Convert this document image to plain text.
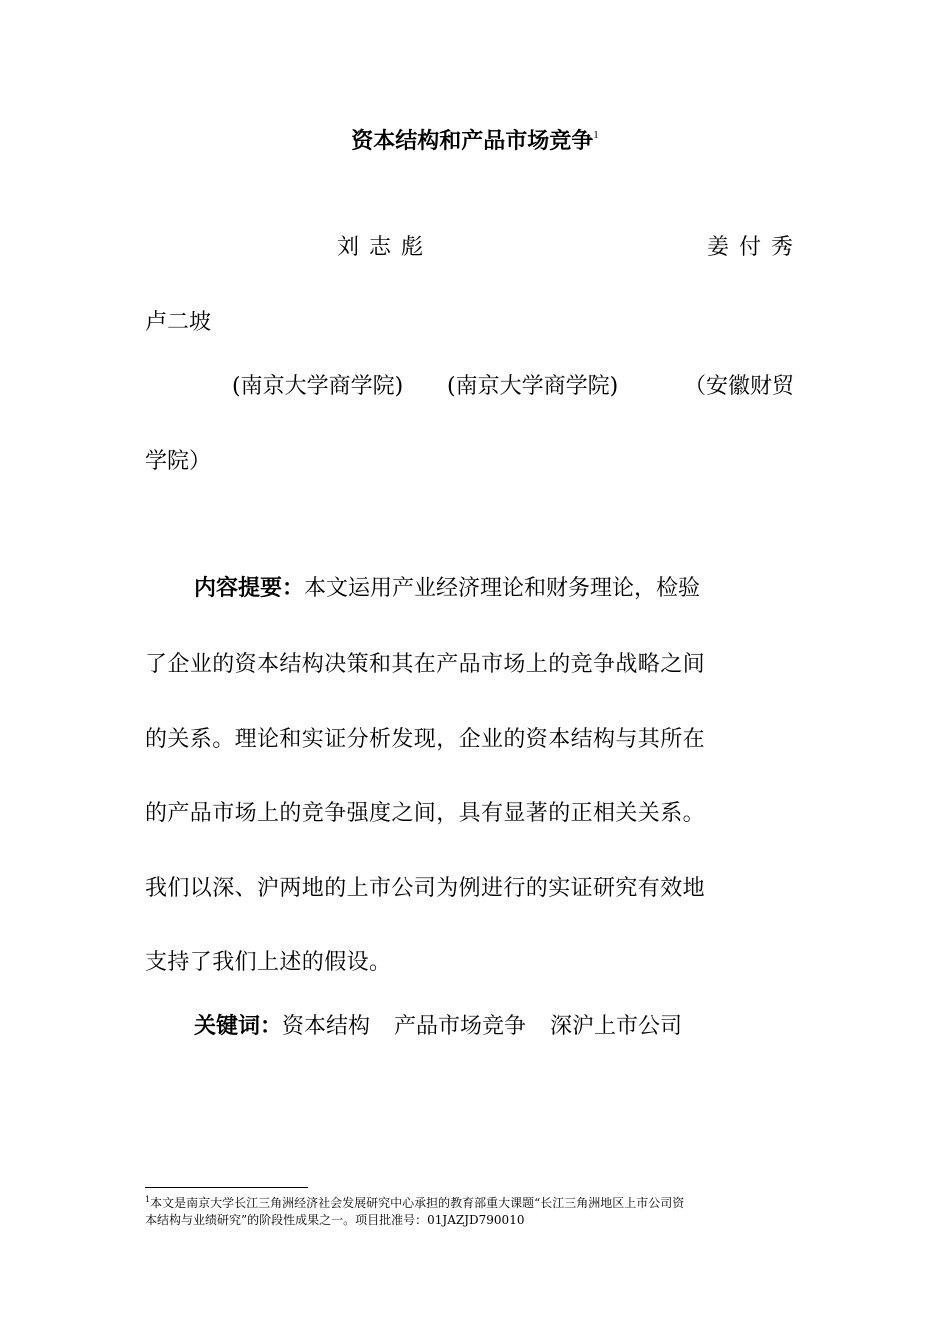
资本结构和产品市场竞争$^1$
刘志彪	姜付秀
卢二坡
(南京大学商学院) (南京大学商学院)	（安徽财贸
学院）
内容提要：本文运用产业经济理论和财务理论，检验
了企业的资本结构决策和其在产品市场上的竞争战略之间
的关系。理论和实证分析发现，企业的资本结构与其所在
的产品市场上的竞争强度之间，具有显著的正相关关系。
我们以深、沪两地的上市公司为例进行的实证研究有效地
支持了我们上述的假设。
关键词：资本结构 产品市场竞争 深沪上市公司
$^1$本文是南京大学长江三角洲经济社会发展研究中心承担的教育部重大课题“长江三角洲地区上市公司资
本结构与业绩研究”的阶段性成果之一。项目批准号：01JAZJD790010
